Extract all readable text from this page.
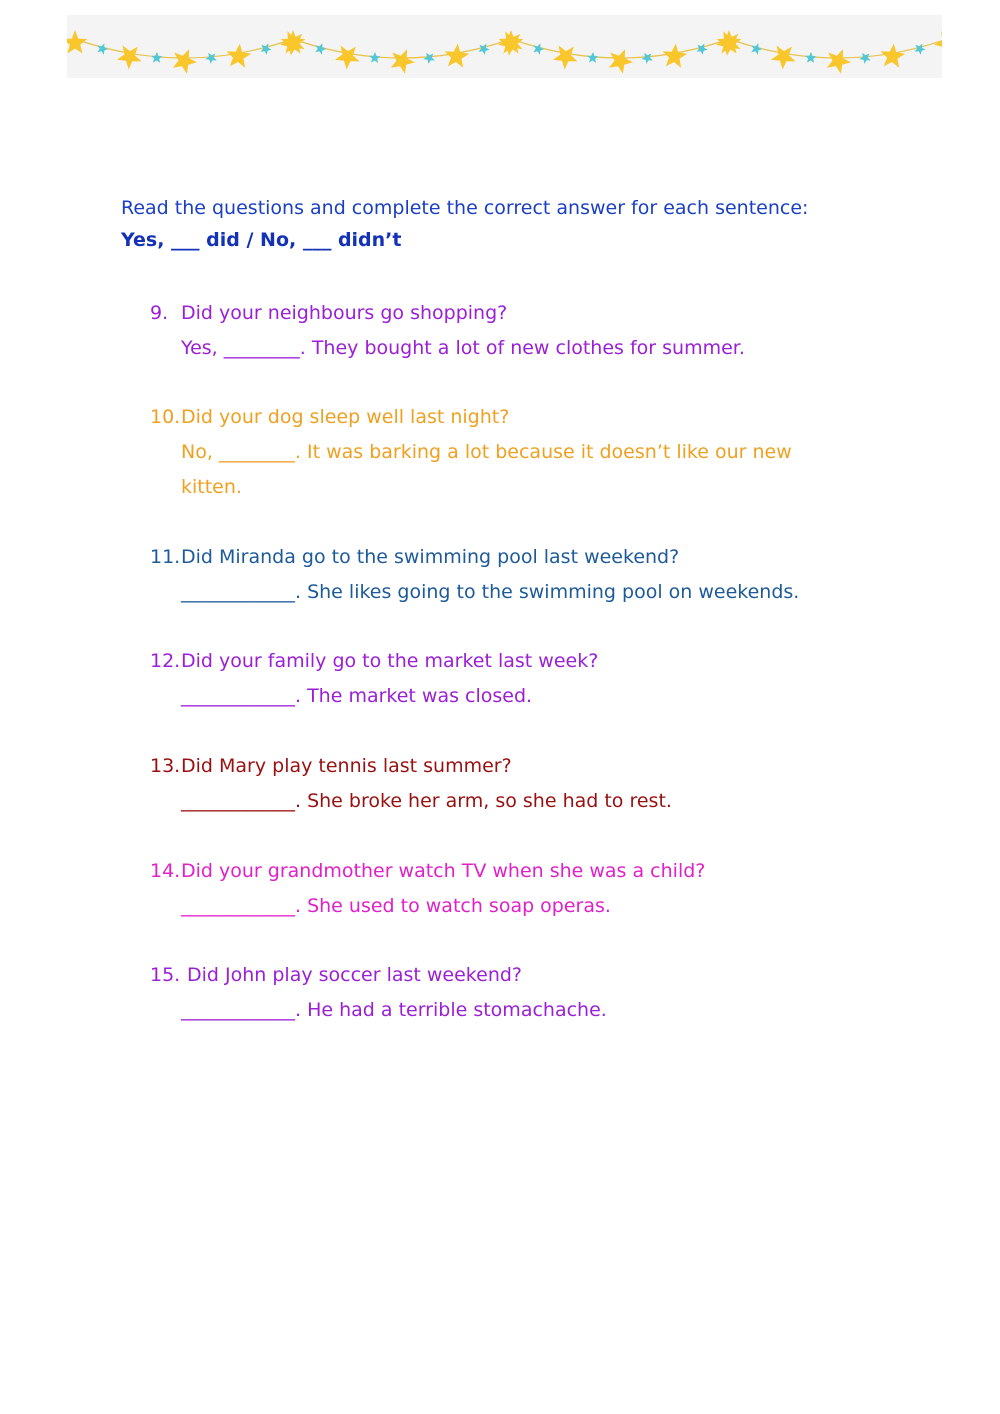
Read the questions and complete the correct answer for each sentence:
Yes, ___ did / No, ___ didn’t
9. Did your neighbours go shopping?
Yes, ________. They bought a lot of new clothes for summer.
10.Did your dog sleep well last night?
No, ________. It was barking a lot because it doesn’t like our new
kitten.
11.Did Miranda go to the swimming pool last weekend?
____________. She likes going to the swimming pool on weekends.
12.Did your family go to the market last week?
____________. The market was closed.
13.Did Mary play tennis last summer?
____________. She broke her arm, so she had to rest.
14.Did your grandmother watch TV when she was a child?
____________. She used to watch soap operas.
15. Did John play soccer last weekend?
____________. He had a terrible stomachache.
